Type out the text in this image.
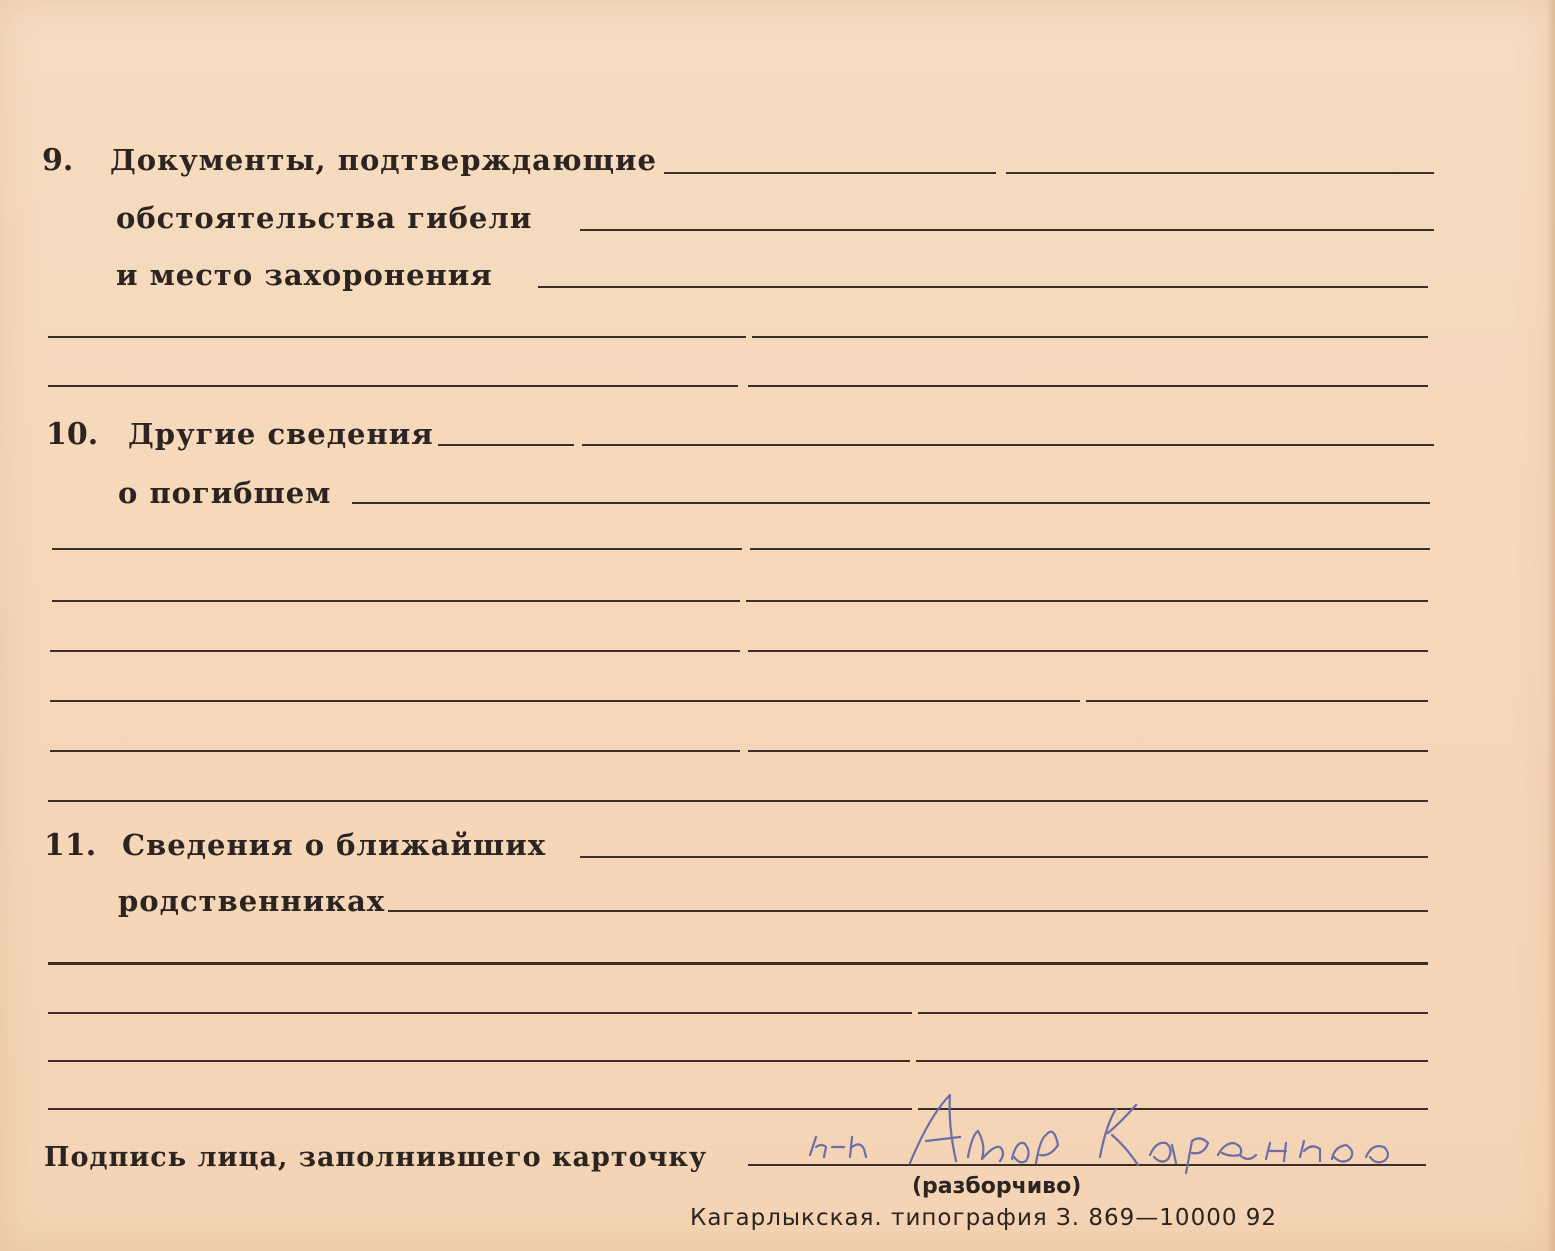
9. Документы, подтверждающие

обстоятельства гибели

и место захоронения

10. Другие сведения

о погибшем

11. Сведения о ближайших

родственниках

Подпись лица, заполнившего карточку

(разборчиво)

Кагарлыкская. типография З. 869—10000 92
